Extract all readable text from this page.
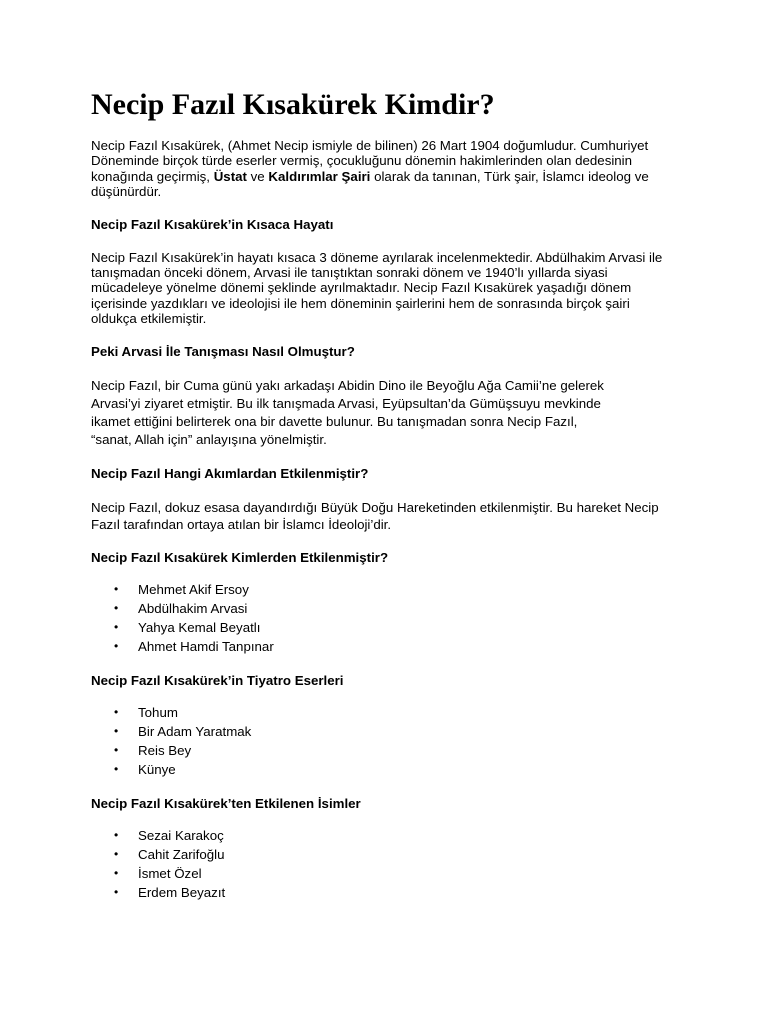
Necip Fazıl Kısakürek Kimdir?

Necip Fazıl Kısakürek, (Ahmet Necip ismiyle de bilinen) 26 Mart 1904 doğumludur. Cumhuriyet Döneminde birçok türde eserler vermiş, çocukluğunu dönemin hakimlerinden olan dedesinin konağında geçirmiş, Üstat ve Kaldırımlar Şairi olarak da tanınan, Türk şair, İslamcı ideolog ve düşünürdür.

Necip Fazıl Kısakürek’in Kısaca Hayatı

Necip Fazıl Kısakürek’in hayatı kısaca 3 döneme ayrılarak incelenmektedir. Abdülhakim Arvasi ile tanışmadan önceki dönem, Arvasi ile tanıştıktan sonraki dönem ve 1940’lı yıllarda siyasi mücadeleye yönelme dönemi şeklinde ayrılmaktadır. Necip Fazıl Kısakürek yaşadığı dönem içerisinde yazdıkları ve ideolojisi ile hem döneminin şairlerini hem de sonrasında birçok şairi oldukça etkilemiştir.

Peki Arvasi İle Tanışması Nasıl Olmuştur?

Necip Fazıl, bir Cuma günü yakı arkadaşı Abidin Dino ile Beyoğlu Ağa Camii’ne gelerek

Arvasi’yi ziyaret etmiştir. Bu ilk tanışmada Arvasi, Eyüpsultan’da Gümüşsuyu mevkinde

ikamet ettiğini belirterek ona bir davette bulunur. Bu tanışmadan sonra Necip Fazıl,

“sanat, Allah için” anlayışına yönelmiştir.

Necip Fazıl Hangi Akımlardan Etkilenmiştir?

Necip Fazıl, dokuz esasa dayandırdığı Büyük Doğu Hareketinden etkilenmiştir. Bu hareket Necip Fazıl tarafından ortaya atılan bir İslamcı İdeoloji’dir.

Necip Fazıl Kısakürek Kimlerden Etkilenmiştir?
• Mehmet Akif Ersoy
• Abdülhakim Arvasi
• Yahya Kemal Beyatlı
• Ahmet Hamdi Tanpınar
Necip Fazıl Kısakürek’in Tiyatro Eserleri
• Tohum
• Bir Adam Yaratmak
• Reis Bey
• Künye
Necip Fazıl Kısakürek’ten Etkilenen İsimler
• Sezai Karakoç
• Cahit Zarifoğlu
• İsmet Özel
• Erdem Beyazıt
